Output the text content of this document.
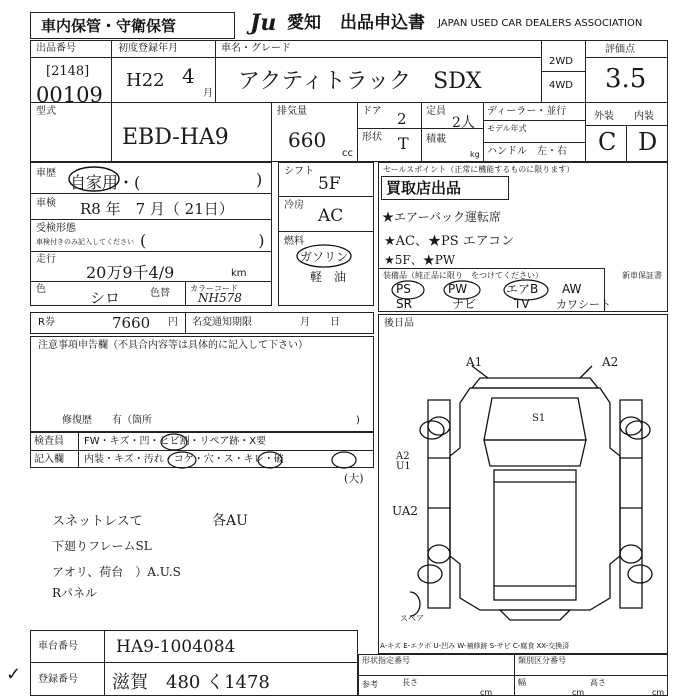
車内保管・守衛保管	Ju 愛知 出品申込書 JAPAN USED CAR DEALERS ASSOCIATION
出品番号
[2148]
00109
初度登録年月
H22 4
月
車名・グレード
アクティトラック　SDX
2WD
4WD
評価点
3.5
型式
EBD-HA9
排気量
660
cc
ドア 2
形状 T
定員
2人
積載
kg
ディーラー・並行
モデル年式
ハンドル　左・右
外装 内装
C D
車歴 自家用・(	)
車検 R8 年　7 月（ 21日）
受検形態
車検付きのみ記入してください (　　　　　　　)
走行
20万9千4/9	km
色	シロ	色替	カラーコード
NH578
シフト
5F
冷房
AC
燃料
ガソリン
軽　油
セールスポイント（正常に機能するものに限ります）
買取店出品
★エアーバック運転席
★AC、★PS エアコン
★5F、★PW
装備品（純正品に限り　をつけてください）	新車保証書
PS	PW	エアB AW
SR	ナビ	TV カワシート
R券	7660 円 名変通知期限	月　　日
注意事項申告欄（不具合内容等は具体的に記入して下さい）
修復歴　　有（箇所	)
検査員
記入欄
FW・キズ・凹・ヒビ割・リペア跡・X要
内装・キズ・汚れ・コゲ・穴・ス・キレ・破
(大)
スネットレスて	各AU
下廻りフレームSL
アオリ、荷台　）A.U.S
Rパネル
車台番号 HA9-1004084
登録番号 滋賀　480 く1478
✓
後日品
A1	A2
S1
A2
U1
UA2
スペア
A-キズ E-エクボ U-凹み W-補修跡 S-サビ C-腐食 XX-交換済
形状指定番号	類別区分番号
参考	長さ
cm
幅
cm
高さ
cm
